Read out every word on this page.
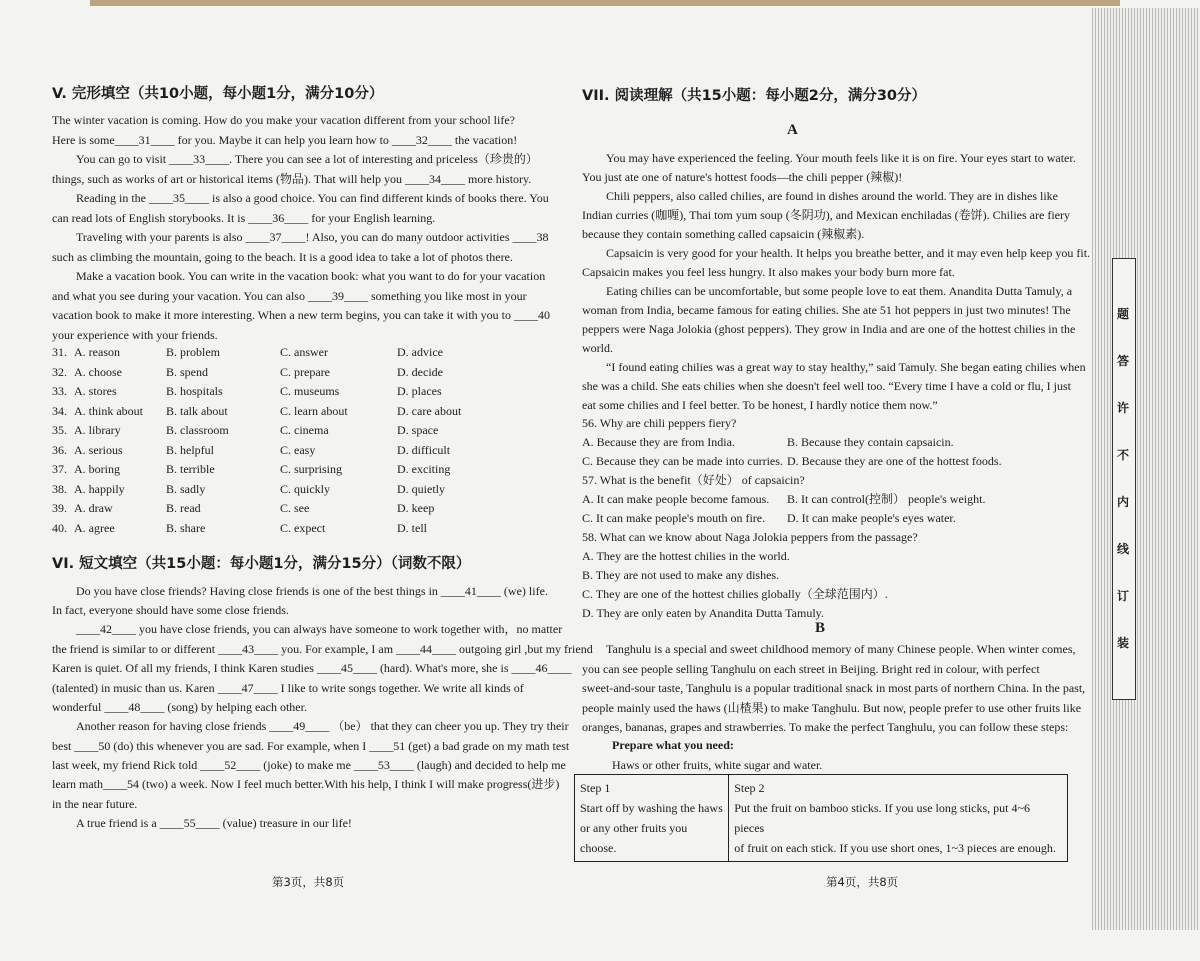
V. 完形填空（共10小题，每小题1分，满分10分）
The winter vacation is coming. How do you make your vacation different from your school life?
Here is some____31____ for you. Maybe it can help you learn how to ____32____ the vacation!
You can go to visit ____33____. There you can see a lot of interesting and priceless（珍贵的）
things, such as works of art or historical items (物品). That will help you ____34____ more history.
Reading in the ____35____ is also a good choice. You can find different kinds of books there. You
can read lots of English storybooks. It is ____36____ for your English learning.
Traveling with your parents is also ____37____! Also, you can do many outdoor activities ____38
such as climbing the mountain, going to the beach. It is a good idea to take a lot of photos there.
Make a vacation book. You can write in the vacation book: what you want to do for your vacation
and what you see during your vacation. You can also ____39____ something you like most in your
vacation book to make it more interesting. When a new term begins, you can take it with you to ____40
your experience with your friends.
31. A. reason	B. problem	C. answer	D. advice
32. A. choose	B. spend	C. prepare	D. decide
33. A. stores	B. hospitals	C. museums	D. places
34. A. think about B. talk about	C. learn about	D. care about
35. A. library	B. classroom	C. cinema	D. space
36. A. serious	B. helpful	C. easy	D. difficult
37. A. boring	B. terrible	C. surprising	D. exciting
38. A. happily	B. sadly	C. quickly	D. quietly
39. A. draw	B. read	C. see	D. keep
40. A. agree	B. share	C. expect	D. tell
VI. 短文填空（共15小题：每小题1分，满分15分）（词数不限）
Do you have close friends? Having close friends is one of the best things in ____41____ (we) life.
In fact, everyone should have some close friends.
____42____ you have close friends, you can always have someone to work together with，no matter
the friend is similar to or different ____43____ you. For example, I am ____44____ outgoing girl ,but my friend
Karen is quiet. Of all my friends, I think Karen studies ____45____ (hard). What's more, she is ____46____
(talented) in music than us. Karen ____47____ I like to write songs together. We write all kinds of
wonderful ____48____ (song) by helping each other.
Another reason for having close friends ____49____ （be） that they can cheer you up. They try their
best ____50 (do) this whenever you are sad. For example, when I ____51 (get) a bad grade on my math test
last week, my friend Rick told ____52____ (joke) to make me ____53____ (laugh) and decided to help me
learn math____54 (two) a week. Now I feel much better.With his help, I think I will make progress(进步)
in the near future.
A true friend is a ____55____ (value) treasure in our life!
第3页，共8页
VII. 阅读理解（共15小题：每小题2分，满分30分）
A
You may have experienced the feeling. Your mouth feels like it is on fire. Your eyes start to water.
You just ate one of nature's hottest foods—the chili pepper (辣椒)!
Chili peppers, also called chilies, are found in dishes around the world. They are in dishes like
Indian curries (咖喱), Thai tom yum soup (冬阴功), and Mexican enchiladas (卷饼). Chilies are fiery
because they contain something called capsaicin (辣椒素).
Capsaicin is very good for your health. It helps you breathe better, and it may even help keep you fit.
Capsaicin makes you feel less hungry. It also makes your body burn more fat.
Eating chilies can be uncomfortable, but some people love to eat them. Anandita Dutta Tamuly, a
woman from India, became famous for eating chilies. She ate 51 hot peppers in just two minutes! The
peppers were Naga Jolokia (ghost peppers). They grow in India and are one of the hottest chilies in the
world.
“I found eating chilies was a great way to stay healthy,” said Tamuly. She began eating chilies when
she was a child. She eats chilies when she doesn't feel well too. “Every time I have a cold or flu, I just
eat some chilies and I feel better. To be honest, I hardly notice them now.”
56. Why are chili peppers fiery?
A. Because they are from India.	B. Because they contain capsaicin.
C. Because they can be made into curries. D. Because they are one of the hottest foods.
57. What is the benefit（好处） of capsaicin?
A. It can make people become famous. B. It can control(控制） people's weight.
C. It can make people's mouth on fire. D. It can make people's eyes water.
58. What can we know about Naga Jolokia peppers from the passage?
A. They are the hottest chilies in the world.
B. They are not used to make any dishes.
C. They are one of the hottest chilies globally（全球范围内）.
D. They are only eaten by Anandita Dutta Tamuly.
B
Tanghulu is a special and sweet childhood memory of many Chinese people. When winter comes,
you can see people selling Tanghulu on each street in Beijing. Bright red in colour, with perfect
sweet-and-sour taste, Tanghulu is a popular traditional snack in most parts of northern China. In the past,
people mainly used the haws (山楂果) to make Tanghulu. But now, people prefer to use other fruits like
oranges, bananas, grapes and strawberries. To make the perfect Tanghulu, you can follow these steps:
Prepare what you need:
Haws or other fruits, white sugar and water.
Step 1
Start off by washing the haws
or any other fruits you choose.

Step 2
Put the fruit on bamboo sticks. If you use long sticks, put 4~6 pieces
of fruit on each stick. If you use short ones, 1~3 pieces are enough.
第4页，共8页
题
答
许
不
内
线
订
装
